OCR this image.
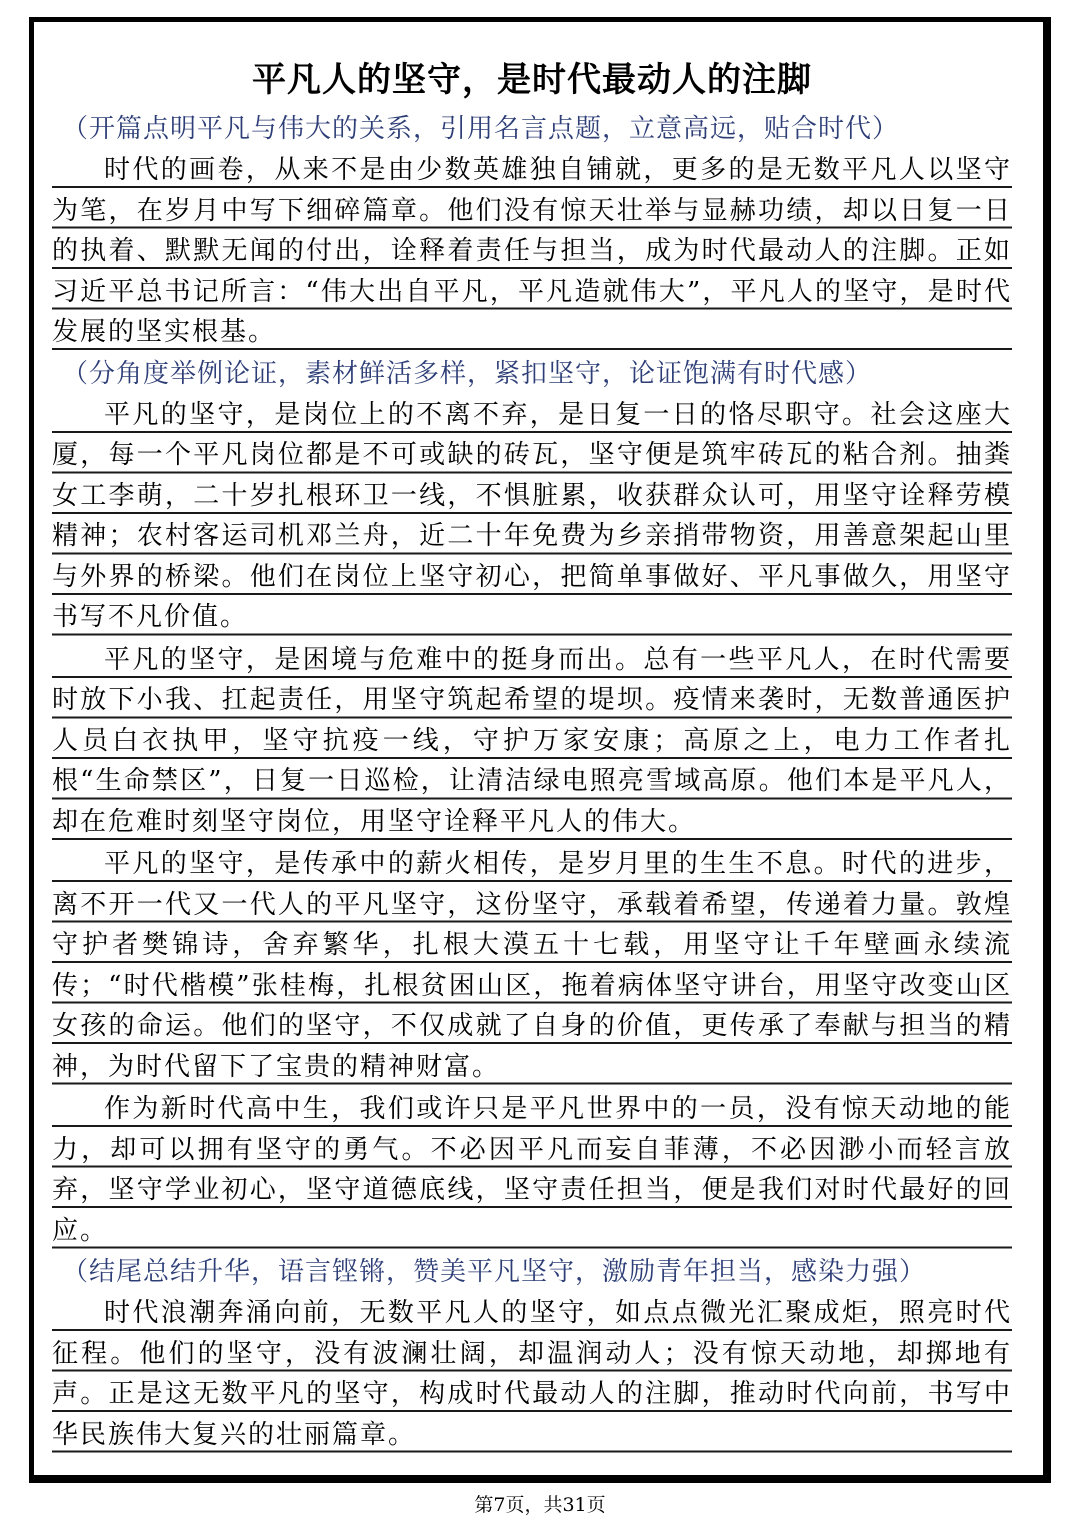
平凡人的坚守，是时代最动人的注脚

（开篇点明平凡与伟大的关系，引用名言点题，立意高远，贴合时代）

时代的画卷，从来不是由少数英雄独自铺就，更多的是无数平凡人以坚守为笔，在岁月中写下细碎篇章。他们没有惊天壮举与显赫功绩，却以日复一日的执着、默默无闻的付出，诠释着责任与担当，成为时代最动人的注脚。正如习近平总书记所言：“伟大出自平凡，平凡造就伟大”，平凡人的坚守，是时代发展的坚实根基。

（分角度举例论证，素材鲜活多样，紧扣坚守，论证饱满有时代感）

平凡的坚守，是岗位上的不离不弃，是日复一日的恪尽职守。社会这座大厦，每一个平凡岗位都是不可或缺的砖瓦，坚守便是筑牢砖瓦的粘合剂。抽粪女工李萌，二十岁扎根环卫一线，不惧脏累，收获群众认可，用坚守诠释劳模精神；农村客运司机邓兰舟，近二十年免费为乡亲捎带物资，用善意架起山里与外界的桥梁。他们在岗位上坚守初心，把简单事做好、平凡事做久，用坚守书写不凡价值。

平凡的坚守，是困境与危难中的挺身而出。总有一些平凡人，在时代需要时放下小我、扛起责任，用坚守筑起希望的堤坝。疫情来袭时，无数普通医护人员白衣执甲，坚守抗疫一线，守护万家安康；高原之上，电力工作者扎根“生命禁区”，日复一日巡检，让清洁绿电照亮雪域高原。他们本是平凡人，却在危难时刻坚守岗位，用坚守诠释平凡人的伟大。

平凡的坚守，是传承中的薪火相传，是岁月里的生生不息。时代的进步，离不开一代又一代人的平凡坚守，这份坚守，承载着希望，传递着力量。敦煌守护者樊锦诗，舍弃繁华，扎根大漠五十七载，用坚守让千年壁画永续流传；“时代楷模”张桂梅，扎根贫困山区，拖着病体坚守讲台，用坚守改变山区女孩的命运。他们的坚守，不仅成就了自身的价值，更传承了奉献与担当的精神，为时代留下了宝贵的精神财富。

作为新时代高中生，我们或许只是平凡世界中的一员，没有惊天动地的能力，却可以拥有坚守的勇气。不必因平凡而妄自菲薄，不必因渺小而轻言放弃，坚守学业初心，坚守道德底线，坚守责任担当，便是我们对时代最好的回应。

（结尾总结升华，语言铿锵，赞美平凡坚守，激励青年担当，感染力强）

时代浪潮奔涌向前，无数平凡人的坚守，如点点微光汇聚成炬，照亮时代征程。他们的坚守，没有波澜壮阔，却温润动人；没有惊天动地，却掷地有声。正是这无数平凡的坚守，构成时代最动人的注脚，推动时代向前，书写中华民族伟大复兴的壮丽篇章。

第7页，共31页
